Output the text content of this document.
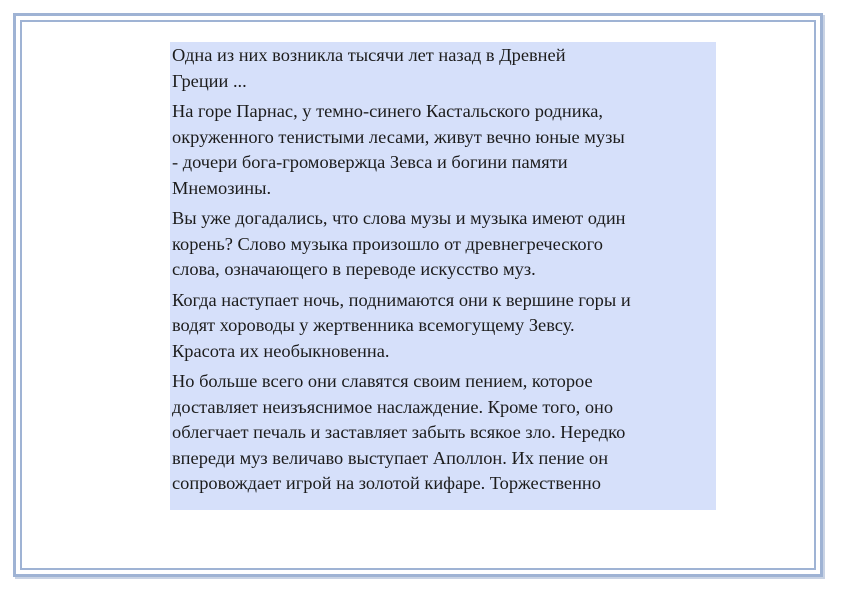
Одна из них возникла тысячи лет назад в Древней
Греции ...

На горе Парнас, у темно-синего Кастальского родника,
окруженного тенистыми лесами, живут вечно юные музы
- дочери бога-громовержца Зевса и богини памяти
Мнемозины.

Вы уже догадались, что слова музы и музыка имеют один
корень? Слово музыка произошло от древнегреческого
слова, означающего в переводе искусство муз.

Когда наступает ночь, поднимаются они к вершине горы и
водят хороводы у жертвенника всемогущему Зевсу.
Красота их необыкновенна.

Но больше всего они славятся своим пением, которое
доставляет неизъяснимое наслаждение. Кроме того, оно
облегчает печаль и заставляет забыть всякое зло. Нередко
впереди муз величаво выступает Аполлон. Их пение он
сопровождает игрой на золотой кифаре. Торжественно
